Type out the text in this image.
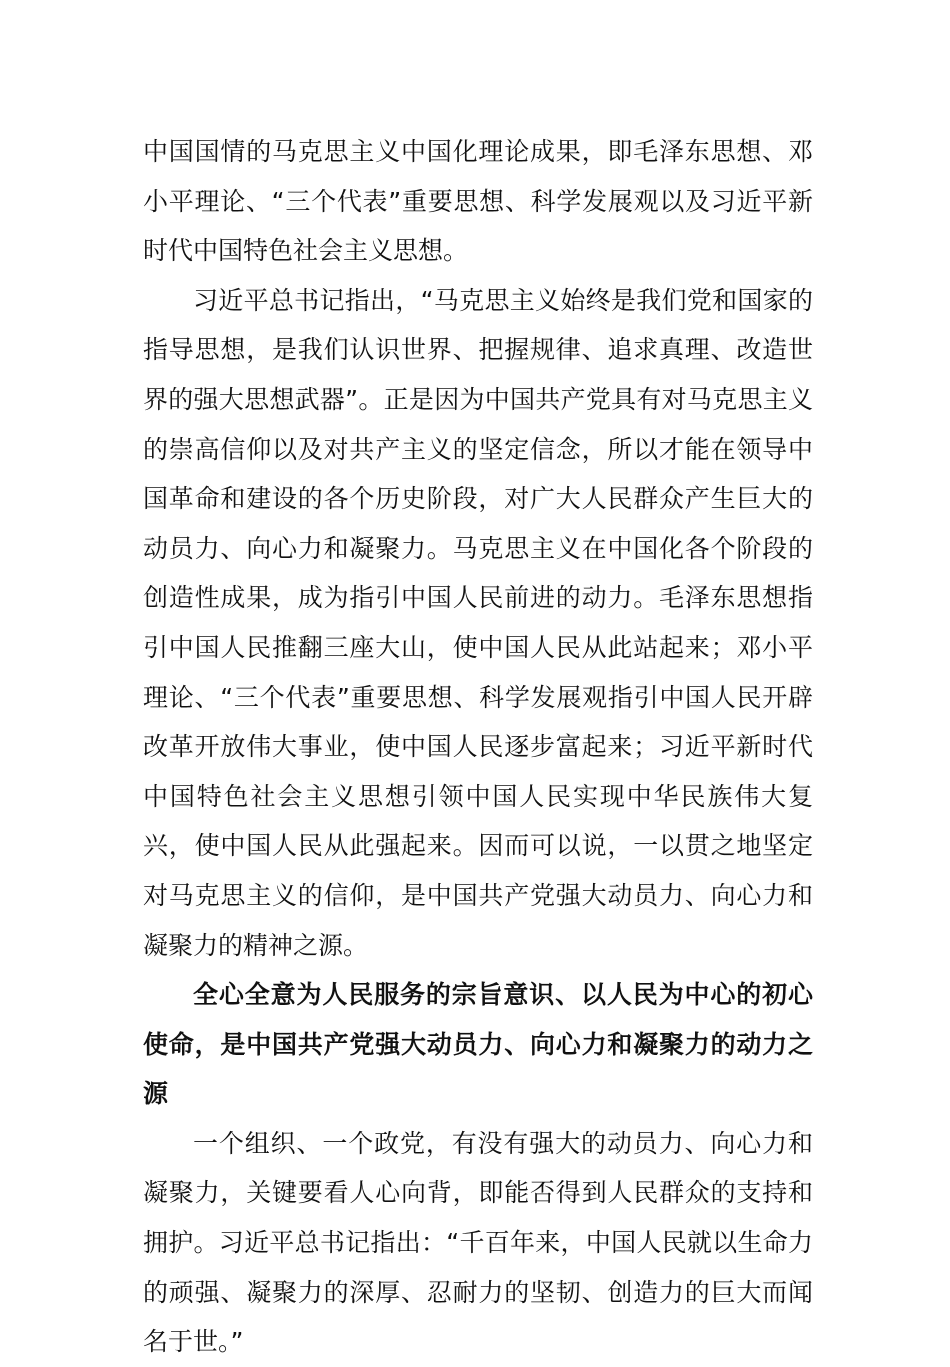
中国国情的马克思主义中国化理论成果，即毛泽东思想、邓小平理论、“三个代表”重要思想、科学发展观以及习近平新时代中国特色社会主义思想。

习近平总书记指出，“马克思主义始终是我们党和国家的指导思想，是我们认识世界、把握规律、追求真理、改造世界的强大思想武器”。正是因为中国共产党具有对马克思主义的崇高信仰以及对共产主义的坚定信念，所以才能在领导中国革命和建设的各个历史阶段，对广大人民群众产生巨大的动员力、向心力和凝聚力。马克思主义在中国化各个阶段的创造性成果，成为指引中国人民前进的动力。毛泽东思想指引中国人民推翻三座大山，使中国人民从此站起来；邓小平理论、“三个代表”重要思想、科学发展观指引中国人民开辟改革开放伟大事业，使中国人民逐步富起来；习近平新时代中国特色社会主义思想引领中国人民实现中华民族伟大复兴，使中国人民从此强起来。因而可以说，一以贯之地坚定对马克思主义的信仰，是中国共产党强大动员力、向心力和凝聚力的精神之源。

全心全意为人民服务的宗旨意识、以人民为中心的初心使命，是中国共产党强大动员力、向心力和凝聚力的动力之源

一个组织、一个政党，有没有强大的动员力、向心力和凝聚力，关键要看人心向背，即能否得到人民群众的支持和拥护。习近平总书记指出：“千百年来，中国人民就以生命力的顽强、凝聚力的深厚、忍耐力的坚韧、创造力的巨大而闻名于世。”
